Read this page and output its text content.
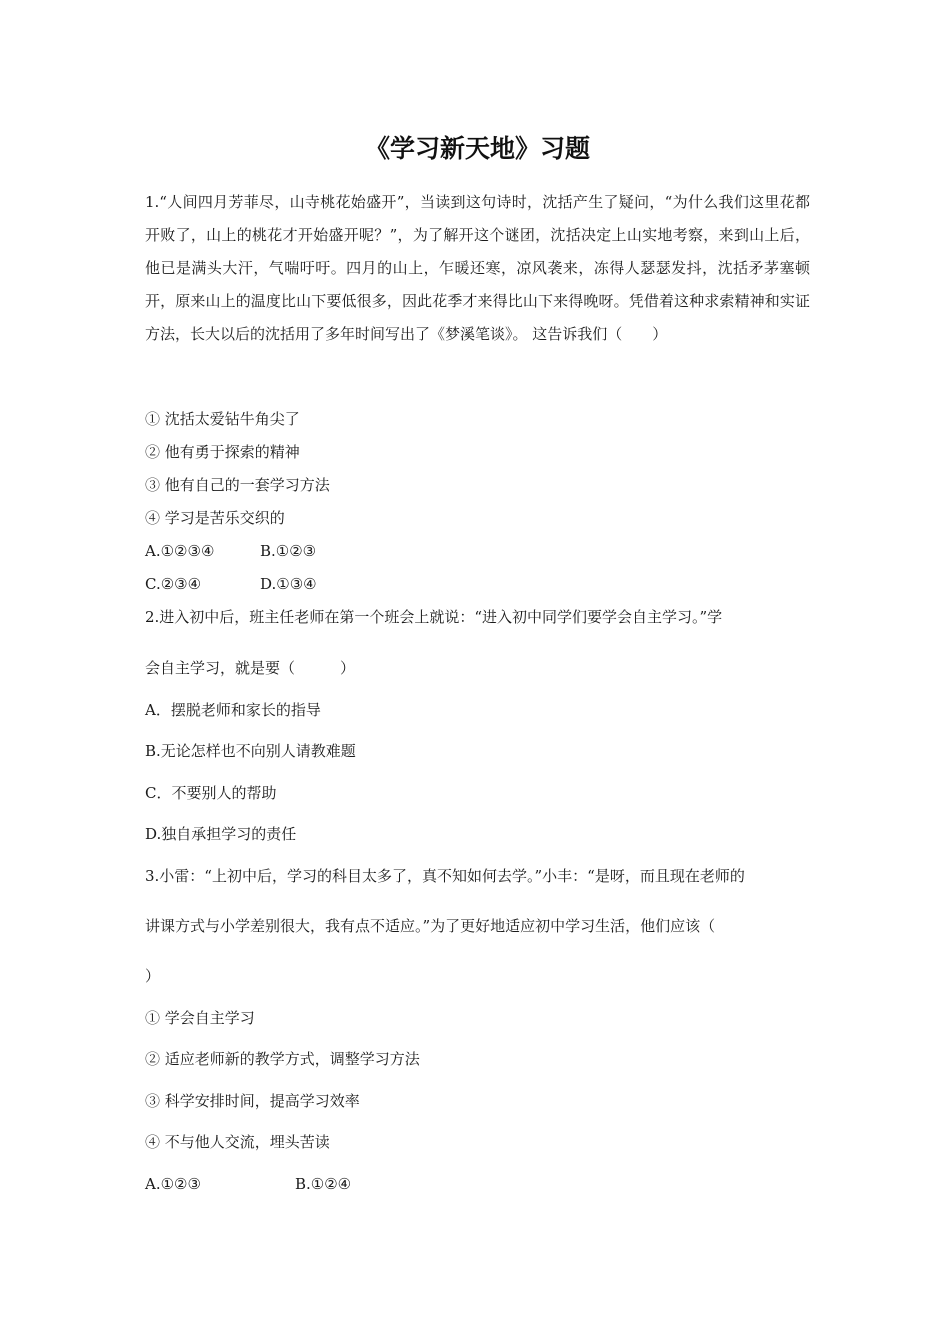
《学习新天地》习题

1.“人间四月芳菲尽，山寺桃花始盛开”，当读到这句诗时，沈括产生了疑问，“为什么我们这里花都开败了，山上的桃花才开始盛开呢？”，为了解开这个谜团，沈括决定上山实地考察，来到山上后，他已是满头大汗，气喘吁吁。四月的山上，乍暖还寒，凉风袭来，冻得人瑟瑟发抖，沈括矛茅塞顿开，原来山上的温度比山下要低很多，因此花季才来得比山下来得晚呀。凭借着这种求索精神和实证方法，长大以后的沈括用了多年时间写出了《梦溪笔谈》。 这告诉我们（　　）

① 沈括太爱钻牛角尖了

② 他有勇于探索的精神

③ 他有自己的一套学习方法

④ 学习是苦乐交织的

A.①②③④	B.①②③

C.②③④	D.①③④

2.进入初中后，班主任老师在第一个班会上就说：“进入初中同学们要学会自主学习。”学

会自主学习，就是要（　　　）

A．摆脱老师和家长的指导

B.无论怎样也不向别人请教难题

C．不要别人的帮助

D.独自承担学习的责任

3.小雷：“上初中后，学习的科目太多了，真不知如何去学。”小丰：“是呀，而且现在老师的

讲课方式与小学差别很大，我有点不适应。”为了更好地适应初中学习生活，他们应该（

）

① 学会自主学习

② 适应老师新的教学方式，调整学习方法

③ 科学安排时间，提高学习效率

④ 不与他人交流，埋头苦读

A.①②③	B.①②④
